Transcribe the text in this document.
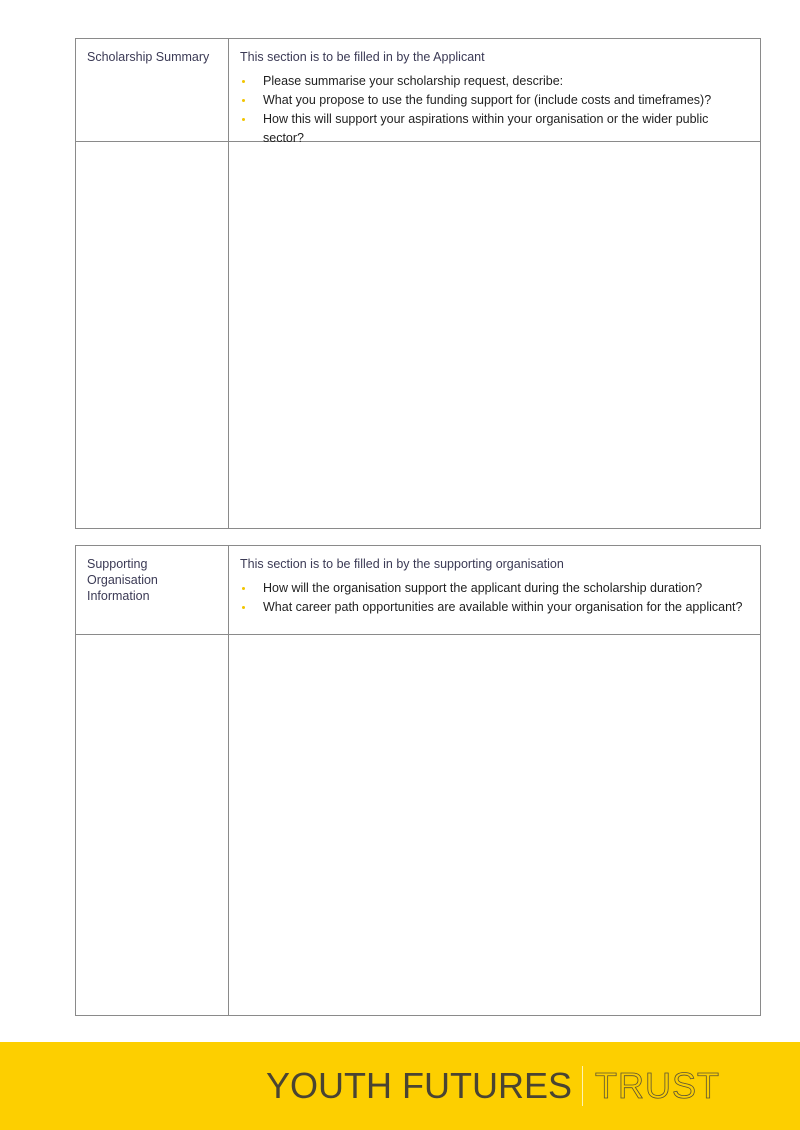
Scholarship Summary	This section is to be filled in by the Applicant
Please summarise your scholarship request, describe:
What you propose to use the funding support for (include costs and timeframes)?
How this will support your aspirations within your organisation or the wider public sector?
Supporting Organisation Information
This section is to be filled in by the supporting organisation
How will the organisation support the applicant during the scholarship duration?
What career path opportunities are available within your organisation for the applicant?
YOUTH FUTURES TRUST
